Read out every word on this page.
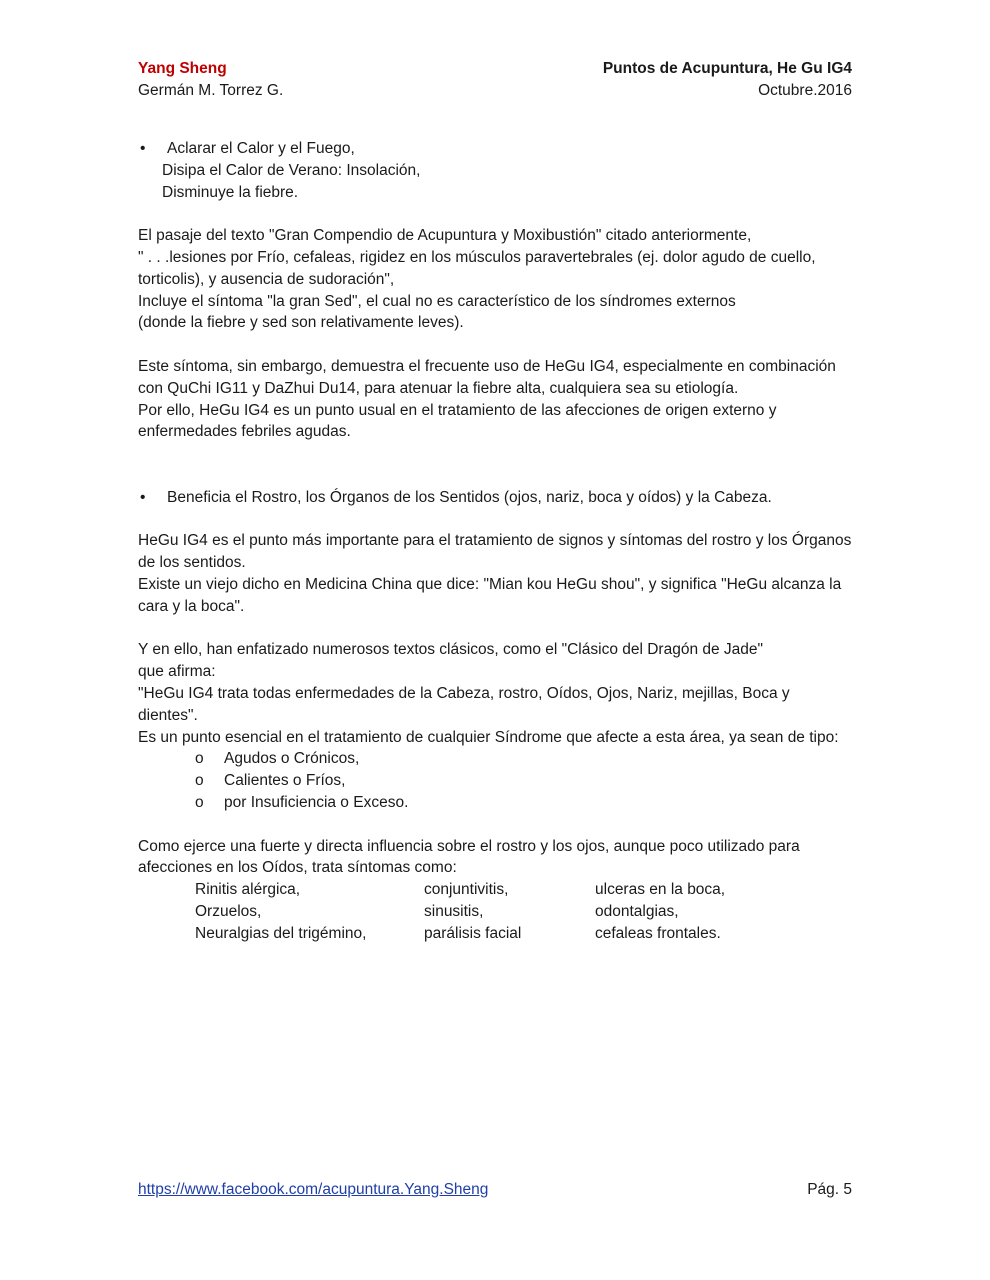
Yang Sheng	Puntos de Acupuntura, He Gu IG4
Germán M. Torrez G.	Octubre.2016
• Aclarar el Calor y el Fuego,

Disipa el Calor de Verano: Insolación,

Disminuye la fiebre.

El pasaje del texto "Gran Compendio de Acupuntura y Moxibustión" citado anteriormente,

" . . .lesiones por Frío, cefaleas, rigidez en los músculos paravertebrales (ej. dolor agudo de cuello, torticolis), y ausencia de sudoración",

Incluye el síntoma "la gran Sed", el cual no es característico de los síndromes externos

(donde la fiebre y sed son relativamente leves).

Este síntoma, sin embargo, demuestra el frecuente uso de HeGu IG4, especialmente en combinación con QuChi IG11 y DaZhui Du14, para atenuar la fiebre alta, cualquiera sea su etiología.

Por ello, HeGu IG4 es un punto usual en el tratamiento de las afecciones de origen externo y enfermedades febriles agudas.

• Beneficia el Rostro, los Órganos de los Sentidos (ojos, nariz, boca y oídos) y la Cabeza.

HeGu IG4 es el punto más importante para el tratamiento de signos y síntomas del rostro y los Órganos de los sentidos.

Existe un viejo dicho en Medicina China que dice: "Mian kou HeGu shou", y significa "HeGu alcanza la cara y la boca".

Y en ello, han enfatizado numerosos textos clásicos, como el "Clásico del Dragón de Jade"

que afirma:

"HeGu IG4 trata todas enfermedades de la Cabeza, rostro, Oídos, Ojos, Nariz, mejillas, Boca y dientes".

Es un punto esencial en el tratamiento de cualquier Síndrome que afecte a esta área, ya sean de tipo:

o Agudos o Crónicos,
o Calientes o Fríos,
o por Insuficiencia o Exceso.

Como ejerce una fuerte y directa influencia sobre el rostro y los ojos, aunque poco utilizado para afecciones en los Oídos, trata síntomas como:

Rinitis alérgica,	conjuntivitis,	ulceras en la boca,
Orzuelos,	sinusitis,	odontalgias,
Neuralgias del trigémino,	parálisis facial	cefaleas frontales.
https://www.facebook.com/acupuntura.Yang.Sheng	Pág. 5
